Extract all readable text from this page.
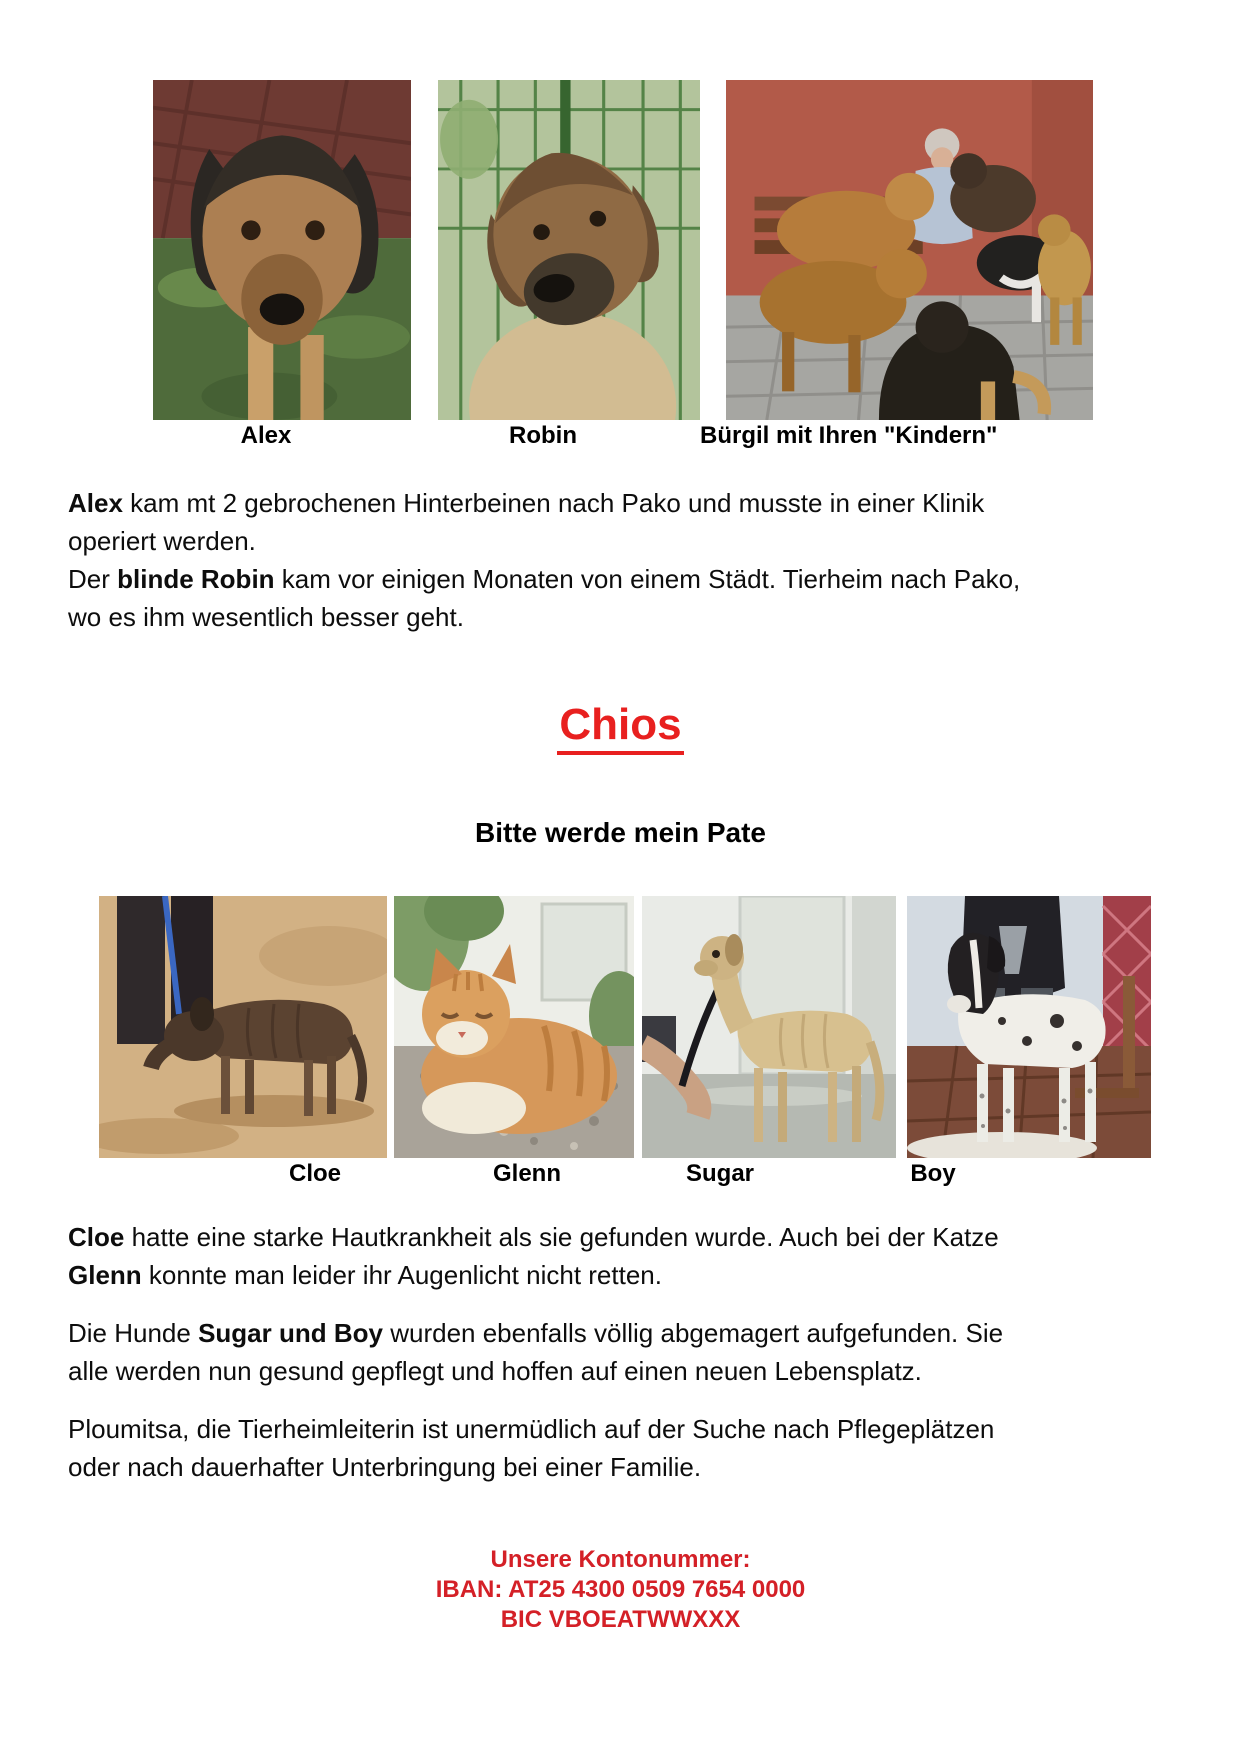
Alex	Robin	Bürgil mit Ihren "Kindern"
Alex kam mt 2 gebrochenen Hinterbeinen nach Pako und musste in einer Klinik
operiert werden.
Der blinde Robin kam vor einigen Monaten von einem Städt. Tierheim nach Pako,
wo es ihm wesentlich besser geht.
Chios
Bitte werde mein Pate
Cloe	Glenn	Sugar	Boy
Cloe hatte eine starke Hautkrankheit als sie gefunden wurde. Auch bei der Katze
Glenn konnte man leider ihr Augenlicht nicht retten.
Die Hunde Sugar und Boy wurden ebenfalls völlig abgemagert aufgefunden. Sie
alle werden nun gesund gepflegt und hoffen auf einen neuen Lebensplatz.
Ploumitsa, die Tierheimleiterin ist unermüdlich auf der Suche nach Pflegeplätzen
oder nach dauerhafter Unterbringung bei einer Familie.
Unsere Kontonummer:
IBAN: AT25 4300 0509 7654 0000
BIC VBOEATWWXXX
